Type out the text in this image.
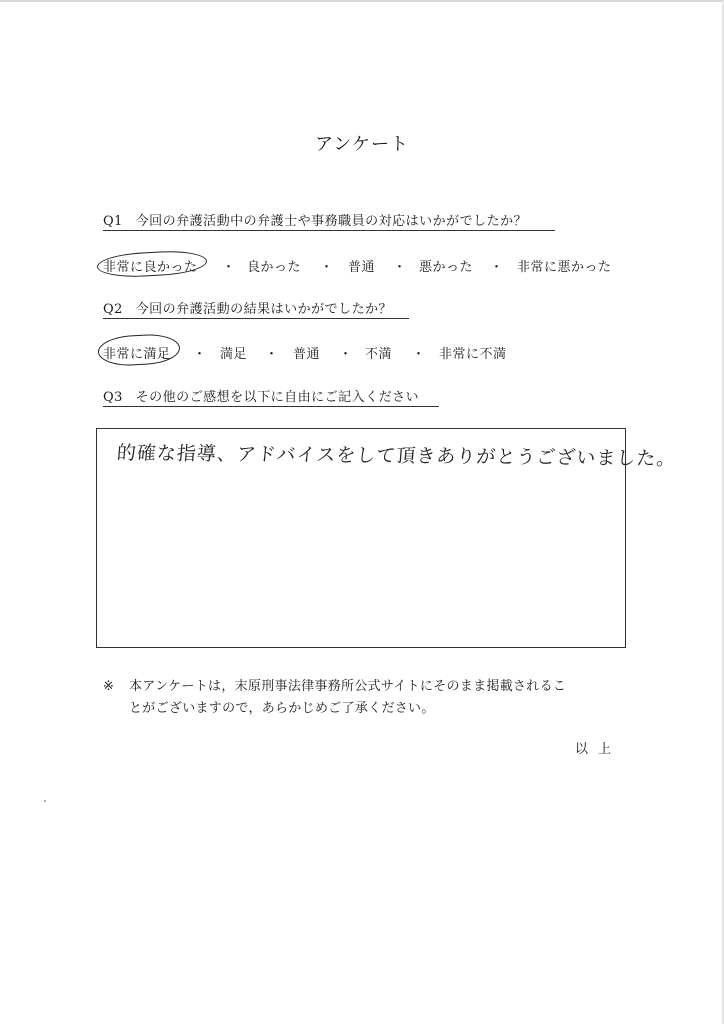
アンケート
Q1 今回の弁護活動中の弁護士や事務職員の対応はいかがでしたか？
非常に良かった ・ 良かった ・ 普通 ・ 悪かった ・ 非常に悪かった
Q2 今回の弁護活動の結果はいかがでしたか？
非常に満足 ・ 満足 ・ 普通 ・ 不満 ・ 非常に不満
Q3 その他のご感想を以下に自由にご記入ください
的確な指導、アドバイスをして頂きありがとうございました。
※ 本アンケートは，末原刑事法律事務所公式サイトにそのまま掲載されるこ
とがございますので，あらかじめご了承ください。
以上
